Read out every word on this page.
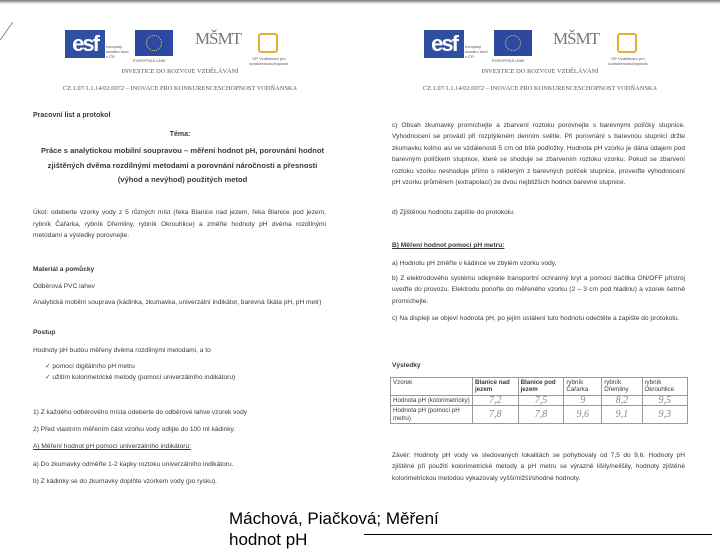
esf	evropský sociální fond v ČR
EVROPSKÁ UNIE
MŠMT
OP Vzdělávání pro konkurenceschopnost
INVESTICE DO ROZVOJE VZDĚLÁVÁNÍ
CZ.1.07/1.1.14/02.0072 – INOVACE PRO KONKURENCESCHOPNOST VODŇANSKA
Pracovní list a protokol
Téma:
Práce s analytickou mobilní soupravou – měření hodnot pH, porovnání hodnot zjištěných dvěma rozdílnými metodami a porovnání náročnosti a přesnosti (výhod a nevýhod) použitých metod
Úkol: odeberte vzorky vody z 5 různých míst (řeka Blanice nad jezem, řeka Blanice pod jezem, rybník Čařarka, rybník Dřemliny, rybník Okrouhlice) a změřte hodnoty pH dvěma rozdílnými metodami a výsledky porovnejte.
Materiál a pomůcky
Odběrová PVC lahev
Analytická mobilní souprava (kádinka, zkumavka, univerzální indikátor, barevná škála pH, pH metr)
Postup
Hodnoty pH budou měřeny dvěma rozdílnými metodami, a to
✓ pomocí digitálního pH metru
✓ užitím kolorimetrické metody (pomocí univerzálního indikátoru)
1) Z každého odběrového místa odeberte do odběrové lahve vzorek vody
2) Před vlastním měřením část vzorku vody odlijte do 100 ml kádinky.
A) Měření hodnot pH pomocí univerzálního indikátoru:
a) Do zkumavky odměřte 1-2 kapky roztoku univerzálního indikátoru.
b) Z kádinky se do zkumavky doplňte vzorkem vody (po rysku).
esf	evropský sociální fond v ČR
EVROPSKÁ UNIE
MŠMT
OP Vzdělávání pro konkurenceschopnost
INVESTICE DO ROZVOJE VZDĚLÁVÁNÍ
CZ.1.07/1.1.14/02.0072 – INOVACE PRO KONKURENCESCHOPNOST VODŇANSKA
c) Obsah zkumavky promíchejte a zbarvení roztoku porovnejte s barevnými políčky stupnice. Vyhodnocení se provádí při rozptýleném denním světle. Při porovnání s barevnou stupnicí držte zkumavku kolmo asi ve vzdálenosti 5 cm od bílé podložky. Hodnota pH vzorku je dána údajem pod barevným políčkem stupnice, které se shoduje se zbarvením roztoku vzorku. Pokud se zbarvení roztoku vzorku neshoduje přímo s některým z barevných políček stupnice, proveďte vyhodnocení pH vzorku průměrem (extrapolací) ze dvou nejbližších hodnot barevné stupnice.
d) Zjištěnou hodnotu zapište do protokolu.
B) Měření hodnot pomocí pH metru:
a) Hodnotu pH změřte v kádince ve zbylém vzorku vody.
b) Z elektrodového systému odejměte transportní ochranný kryt a pomocí tlačítka ON/OFF přístroj uveďte do provozu. Elektrodu ponořte do měřeného vzorku (2 – 3 cm pod hladinu) a vzorek šetrně promíchejte.
c) Na displeji se objeví hodnota pH, po jejím ustálení tuto hodnotu odečtěte a zapište do protokolu.
Výsledky
Vzorek	Blanice nad jezem	Blanice pod jezem	rybník Čařarka	rybník Dřemliny	rybník Okrouhlice
Hodnota pH (kolorimetricky)	7,2	7,5	9	8,2	9,5
Hodnota pH (pomocí pH metru)	7,8	7,8	9,6	9,1	9,3
Závěr: Hodnoty pH vody ve sledovaných lokalitách se pohybovaly od 7,5 do 9,6. Hodnoty pH zjištěné při použití kolorimetrické metody a pH metru se výrazně lišily/nelišily, hodnoty zjištěné kolorimetrickou metodou vykazovaly vyšší/nižší/shodné hodnoty.
Máchová, Piačková; Měření
hodnot pH
